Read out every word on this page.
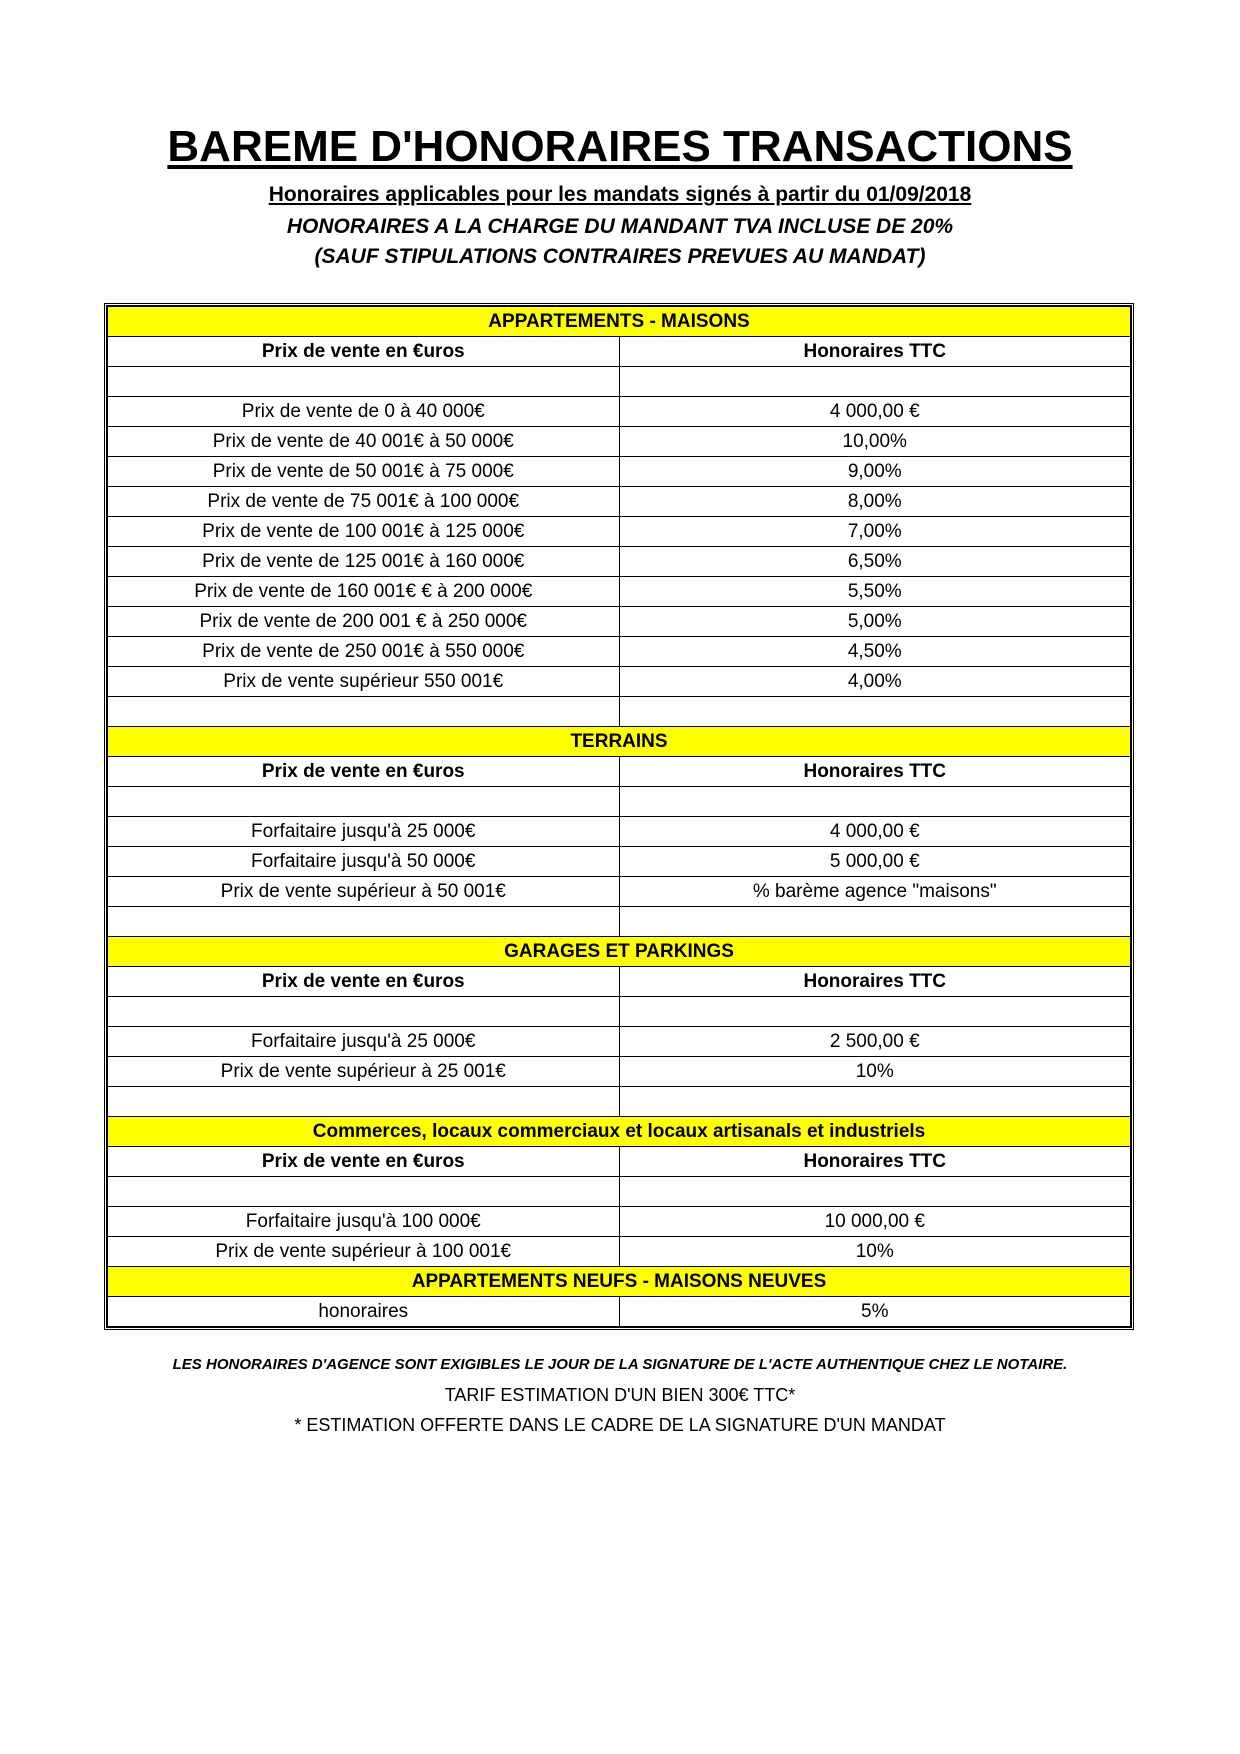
BAREME D'HONORAIRES TRANSACTIONS
Honoraires applicables pour les mandats signés à partir du 01/09/2018
HONORAIRES A LA CHARGE DU MANDANT TVA INCLUSE DE 20%
(SAUF STIPULATIONS CONTRAIRES PREVUES AU MANDAT)
APPARTEMENTS - MAISONS	
Prix de vente en €uros	Honoraires TTC

Prix de vente de 0 à 40 000€	4 000,00 €
Prix de vente de 40 001€ à 50 000€	10,00%
Prix de vente de 50 001€ à 75 000€	9,00%
Prix de vente de 75 001€ à 100 000€	8,00%
Prix de vente de 100 001€ à 125 000€	7,00%
Prix de vente de 125 001€ à 160 000€	6,50%
Prix de vente de 160 001€ € à 200 000€	5,50%
Prix de vente de 200 001 € à 250 000€	5,00%
Prix de vente de 250 001€ à 550 000€	4,50%
Prix de vente supérieur 550 001€	4,00%

TERRAINS	
Prix de vente en €uros	Honoraires TTC

Forfaitaire jusqu'à 25 000€	4 000,00 €
Forfaitaire jusqu'à 50 000€	5 000,00 €
Prix de vente supérieur à 50 001€	% barème agence "maisons"

GARAGES ET PARKINGS	
Prix de vente en €uros	Honoraires TTC

Forfaitaire jusqu'à 25 000€	2 500,00 €
Prix de vente supérieur à 25 001€	10%

Commerces, locaux commerciaux et locaux artisanals et industriels	
Prix de vente en €uros	Honoraires TTC

Forfaitaire jusqu'à 100 000€	10 000,00 €
Prix de vente supérieur à 100 001€	10%
APPARTEMENTS NEUFS - MAISONS NEUVES	
honoraires	5%
LES HONORAIRES D'AGENCE SONT EXIGIBLES LE JOUR DE LA SIGNATURE DE L'ACTE AUTHENTIQUE CHEZ LE NOTAIRE.
TARIF ESTIMATION D'UN BIEN 300€ TTC*
* ESTIMATION OFFERTE DANS LE CADRE DE LA SIGNATURE D'UN MANDAT
